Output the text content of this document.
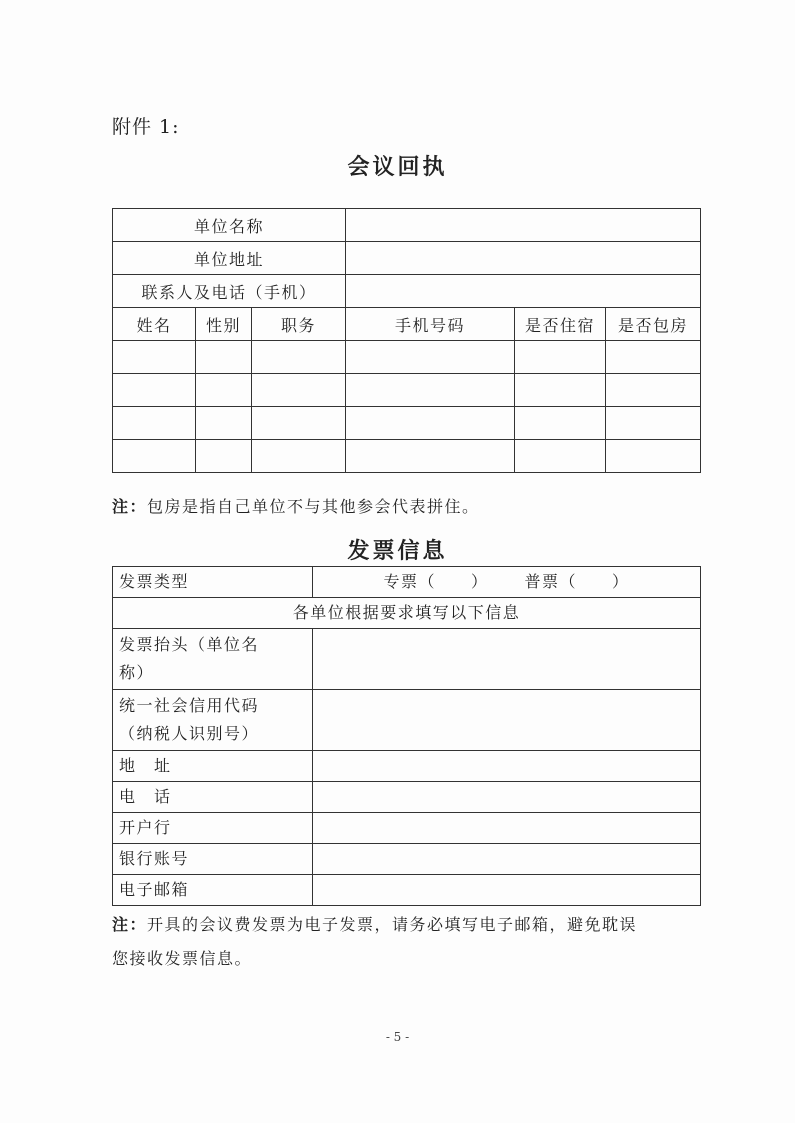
附件 1:
会议回执
单位名称					
单位地址					
联系人及电话（手机）					
姓名	性别	职务	手机号码	是否住宿	是否包房

注：包房是指自己单位不与其他参会代表拼住。
发票信息
发票类型	专票（　　） 普票（　　）
各单位根据要求填写以下信息	

发票抬头（单位名
称）	

统一社会信用代码
（纳税人识别号）	

地　址	
电　话	
开户行	
银行账号	
电子邮箱	
注：开具的会议费发票为电子发票，请务必填写电子邮箱，避免耽误
您接收发票信息。
- 5 -
